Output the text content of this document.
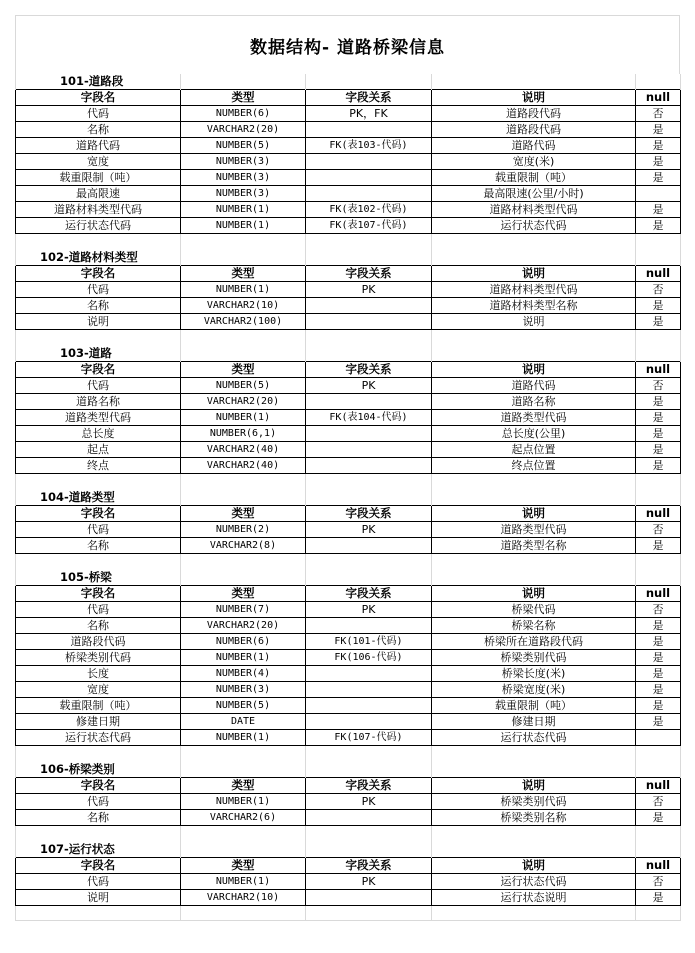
数据结构- 道路桥梁信息
101-道路段				
字段名	类型	字段关系	说明	null
代码	NUMBER(6)	PK，FK	道路段代码	否
名称	VARCHAR2(20)		道路段代码	是
道路代码	NUMBER(5)	FK(表103-代码)	道路代码	是
宽度	NUMBER(3)		宽度(米)	是
载重限制（吨）	NUMBER(3)		载重限制（吨）	是
最高限速	NUMBER(3)		最高限速(公里/小时)	
道路材料类型代码	NUMBER(1)	FK(表102-代码)	道路材料类型代码	是
运行状态代码	NUMBER(1)	FK(表107-代码)	运行状态代码	是

102-道路材料类型				
字段名	类型	字段关系	说明	null
代码	NUMBER(1)	PK	道路材料类型代码	否
名称	VARCHAR2(10)		道路材料类型名称	是
说明	VARCHAR2(100)		说明	是

103-道路				
字段名	类型	字段关系	说明	null
代码	NUMBER(5)	PK	道路代码	否
道路名称	VARCHAR2(20)		道路名称	是
道路类型代码	NUMBER(1)	FK(表104-代码)	道路类型代码	是
总长度	NUMBER(6,1)		总长度(公里)	是
起点	VARCHAR2(40)		起点位置	是
终点	VARCHAR2(40)		终点位置	是

104-道路类型				
字段名	类型	字段关系	说明	null
代码	NUMBER(2)	PK	道路类型代码	否
名称	VARCHAR2(8)		道路类型名称	是

105-桥梁				
字段名	类型	字段关系	说明	null
代码	NUMBER(7)	PK	桥梁代码	否
名称	VARCHAR2(20)		桥梁名称	是
道路段代码	NUMBER(6)	FK(101-代码)	桥梁所在道路段代码	是
桥梁类别代码	NUMBER(1)	FK(106-代码)	桥梁类别代码	是
长度	NUMBER(4)		桥梁长度(米)	是
宽度	NUMBER(3)		桥梁宽度(米)	是
载重限制（吨）	NUMBER(5)		载重限制（吨）	是
修建日期	DATE		修建日期	是
运行状态代码	NUMBER(1)	FK(107-代码)	运行状态代码	

106-桥梁类别				
字段名	类型	字段关系	说明	null
代码	NUMBER(1)	PK	桥梁类别代码	否
名称	VARCHAR2(6)		桥梁类别名称	是

107-运行状态				
字段名	类型	字段关系	说明	null
代码	NUMBER(1)	PK	运行状态代码	否
说明	VARCHAR2(10)		运行状态说明	是
